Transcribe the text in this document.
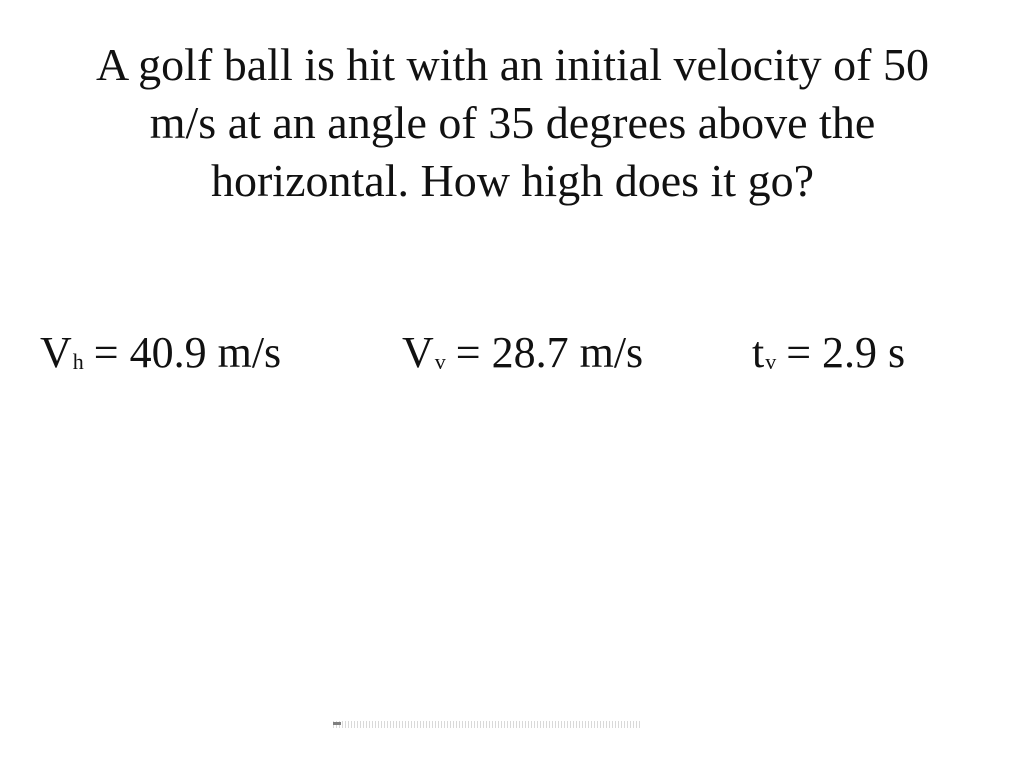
A golf ball is hit with an initial velocity of 50
m/s at an angle of 35 degrees above the
horizontal. How high does it go?
Vh = 40.9 m/s	Vv = 28.7 m/s tv = 2.9 s
